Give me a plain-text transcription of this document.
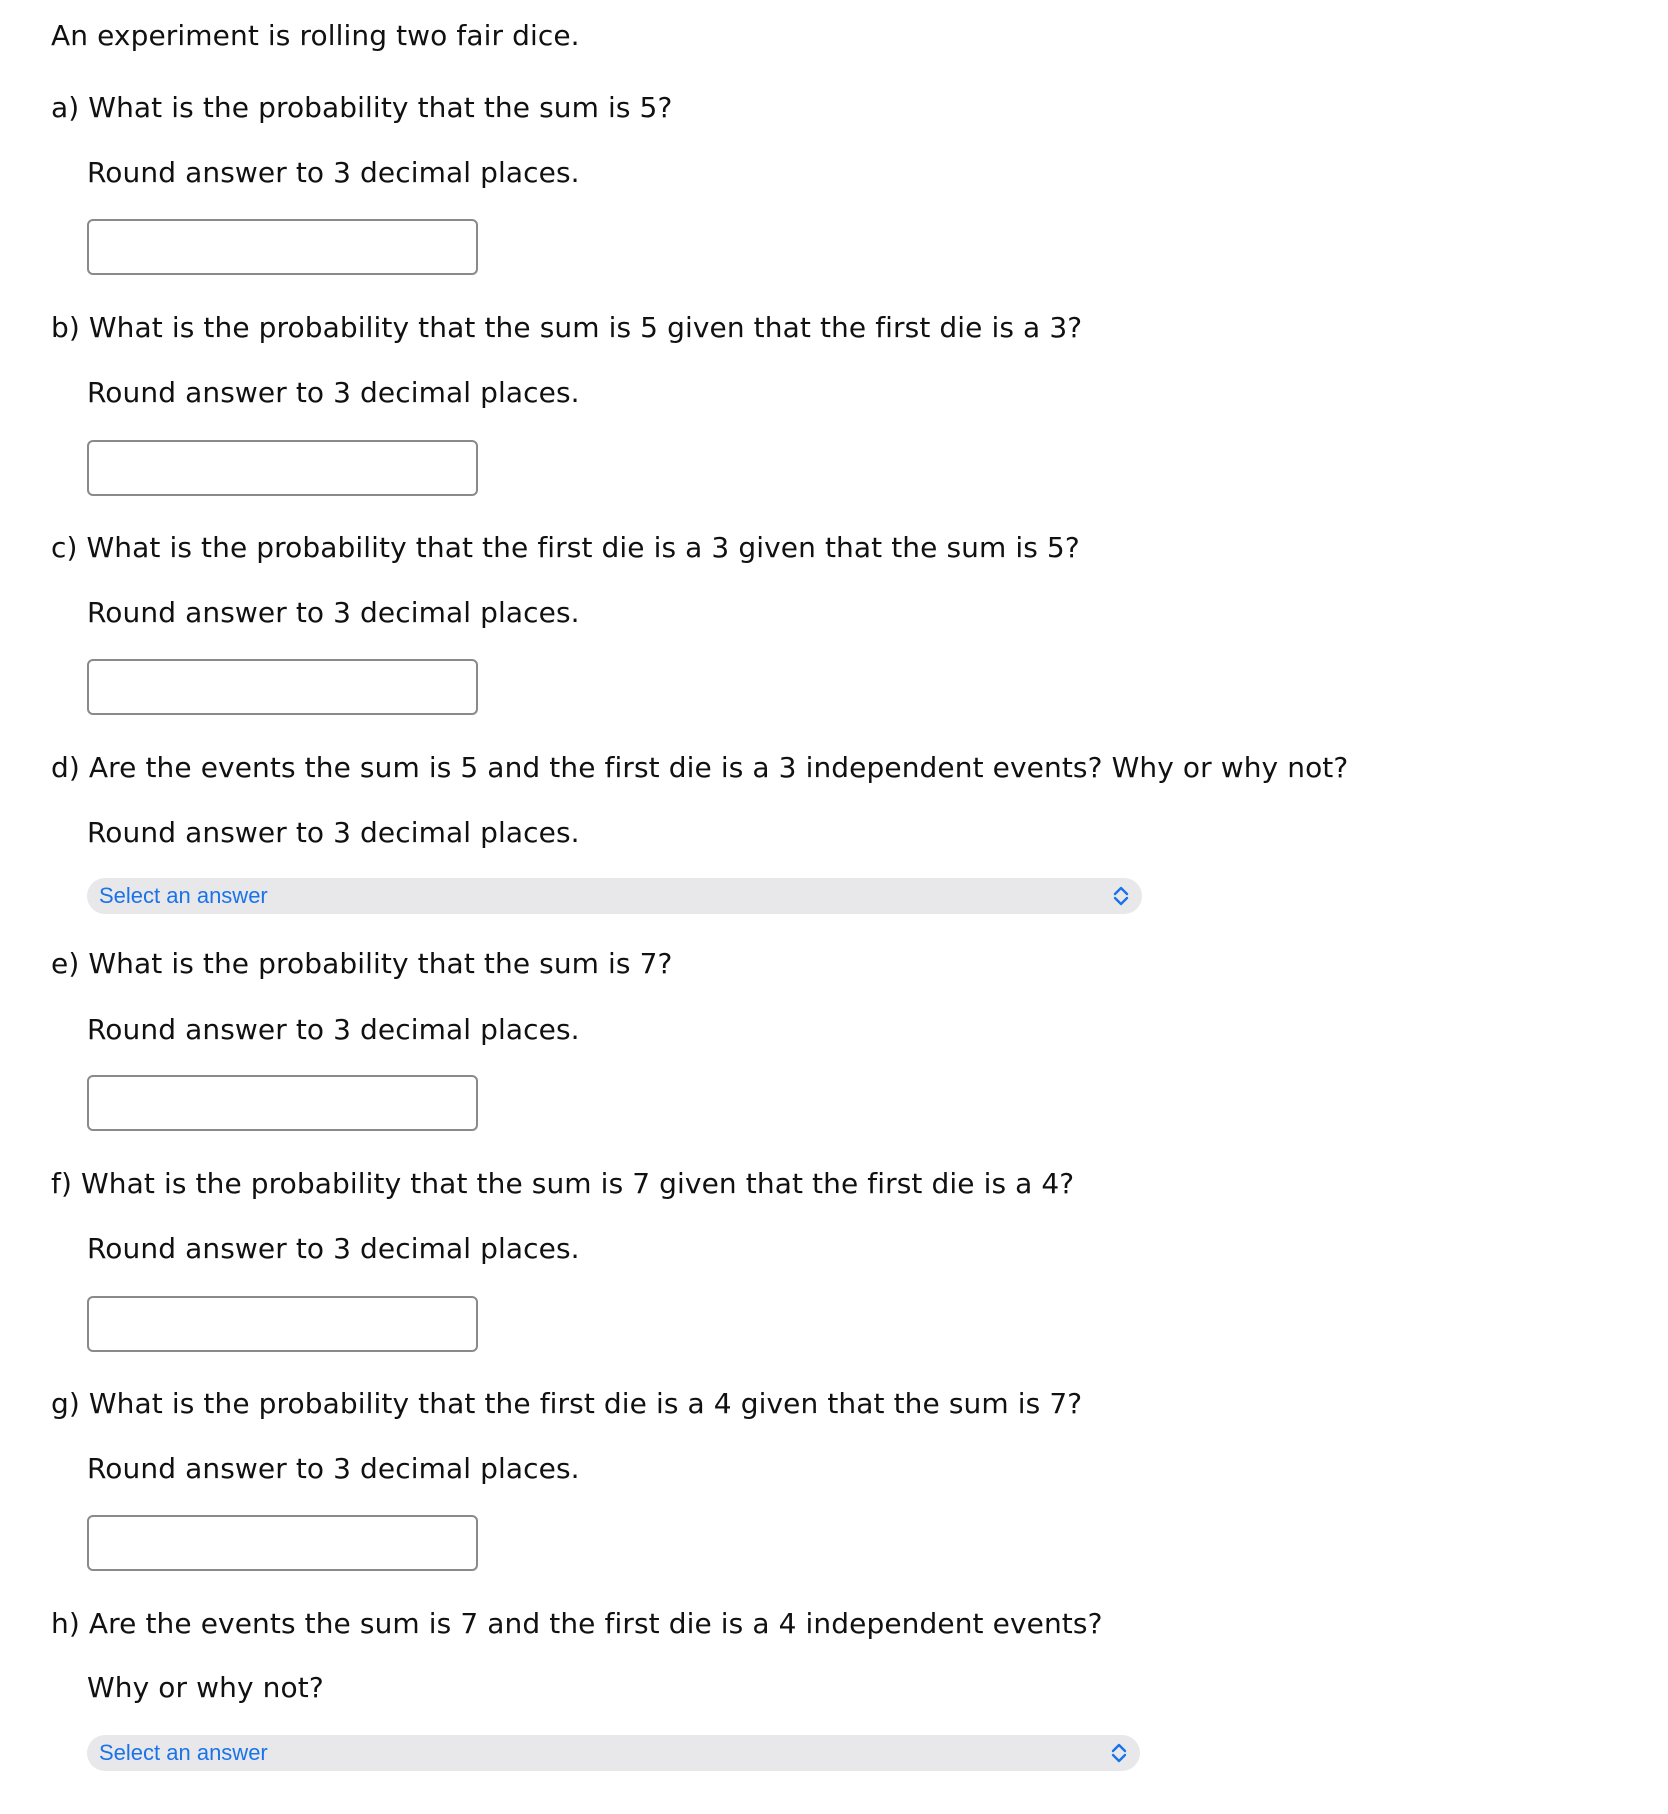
An experiment is rolling two fair dice.
a) What is the probability that the sum is 5?
Round answer to 3 decimal places.
b) What is the probability that the sum is 5 given that the first die is a 3?
Round answer to 3 decimal places.
c) What is the probability that the first die is a 3 given that the sum is 5?
Round answer to 3 decimal places.
d) Are the events the sum is 5 and the first die is a 3 independent events? Why or why not?
Round answer to 3 decimal places.
Select an answer
e) What is the probability that the sum is 7?
Round answer to 3 decimal places.
f) What is the probability that the sum is 7 given that the first die is a 4?
Round answer to 3 decimal places.
g) What is the probability that the first die is a 4 given that the sum is 7?
Round answer to 3 decimal places.
h) Are the events the sum is 7 and the first die is a 4 independent events?
Why or why not?
Select an answer
